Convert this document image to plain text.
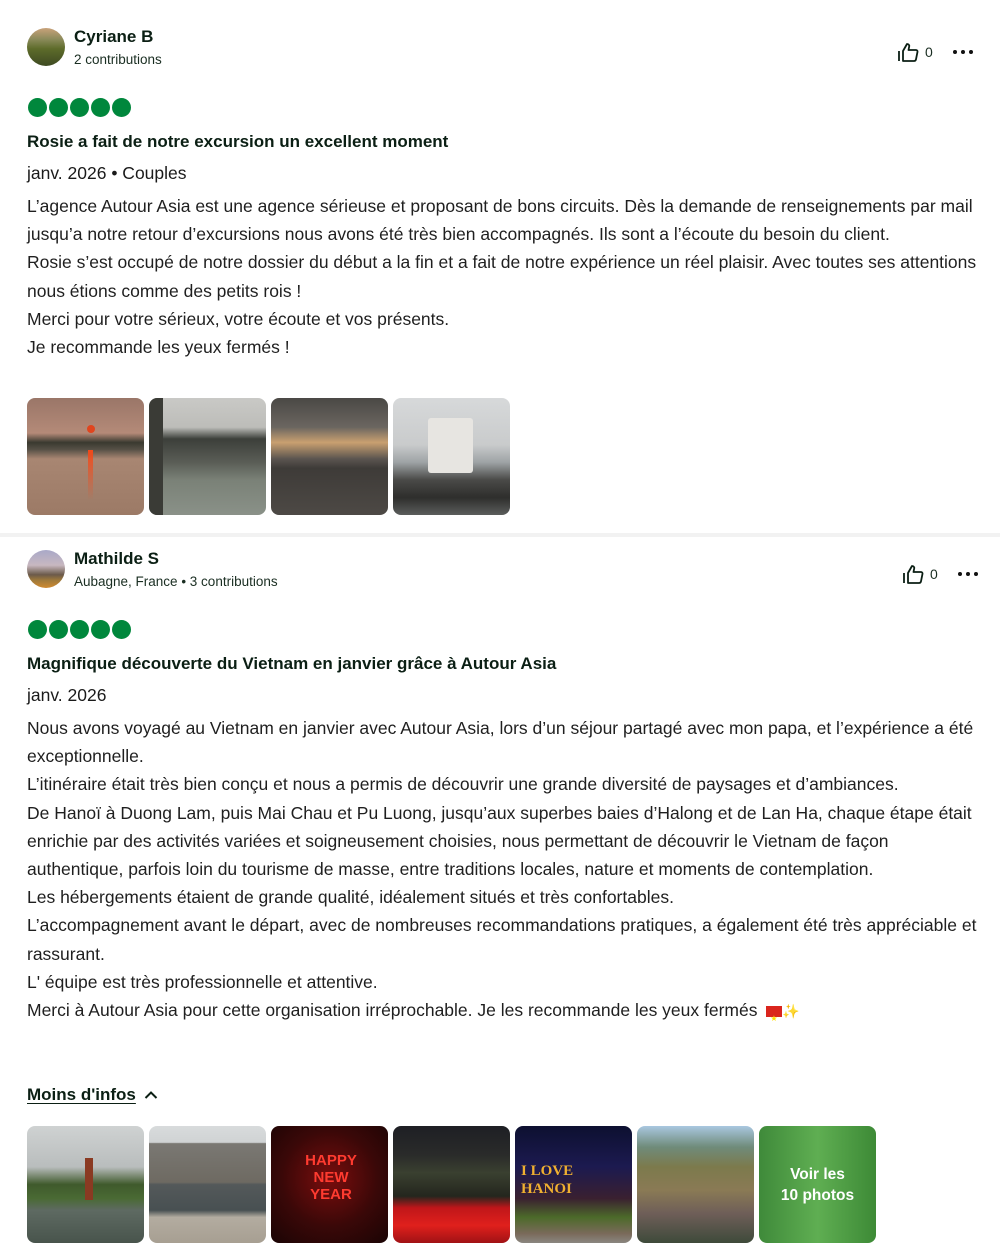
Cyriane B
2 contributions	0
Rosie a fait de notre excursion un excellent moment
janv. 2026 • Couples

L’agence Autour Asia est une agence sérieuse et proposant de bons circuits. Dès la demande de renseignements par mail jusqu’a notre retour d’excursions nous avons été très bien accompagnés. Ils sont a l’écoute du besoin du client.

Rosie s’est occupé de notre dossier du début a la fin et a fait de notre expérience un réel plaisir. Avec toutes ses attentions nous étions comme des petits rois !

Merci pour votre sérieux, votre écoute et vos présents.

Je recommande les yeux fermés !

Mathilde S
Aubagne, France • 3 contributions	0
Magnifique découverte du Vietnam en janvier grâce à Autour Asia
janv. 2026

Nous avons voyagé au Vietnam en janvier avec Autour Asia, lors d’un séjour partagé avec mon papa, et l’expérience a été exceptionnelle.

L’itinéraire était très bien conçu et nous a permis de découvrir une grande diversité de paysages et d’ambiances.

De Hanoï à Duong Lam, puis Mai Chau et Pu Luong, jusqu’aux superbes baies d’Halong et de Lan Ha, chaque étape était enrichie par des activités variées et soigneusement choisies, nous permettant de découvrir le Vietnam de façon authentique, parfois loin du tourisme de masse, entre traditions locales, nature et moments de contemplation.

Les hébergements étaient de grande qualité, idéalement situés et très confortables.

L’accompagnement avant le départ, avec de nombreuses recommandations pratiques, a également été très appréciable et rassurant.

L' équipe est très professionnelle et attentive.

Merci à Autour Asia pour cette organisation irréprochable. Je les recommande les yeux fermés ★ ✨

Moins d'infos
HAPPY
NEW
YEAR
I LOVE
HANOI
Voir les
10 photos
